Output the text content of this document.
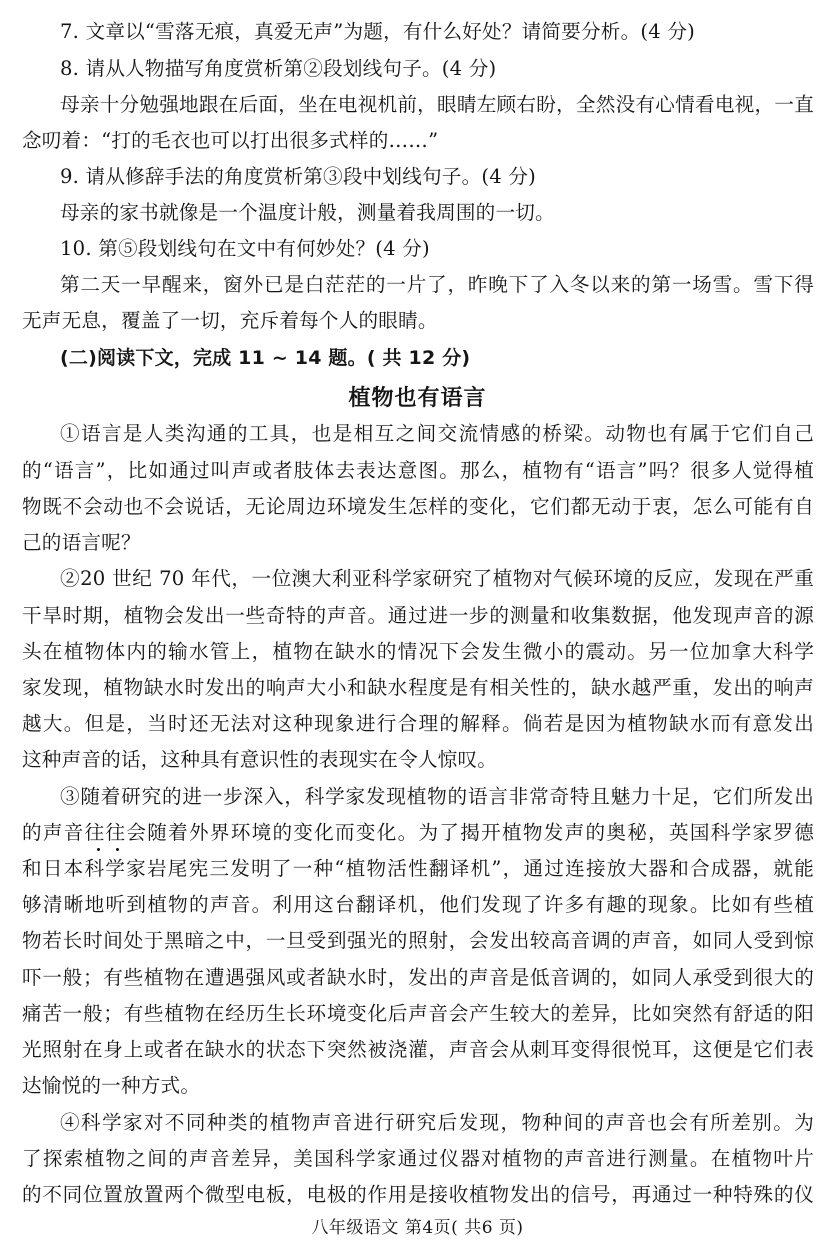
7. 文章以“雪落无痕，真爱无声”为题，有什么好处？请简要分析。(4 分)
8. 请从人物描写角度赏析第②段划线句子。(4 分)
母亲十分勉强地跟在后面，坐在电视机前，眼睛左顾右盼，全然没有心情看电视，一直
念叨着：“打的毛衣也可以打出很多式样的……”
9. 请从修辞手法的角度赏析第③段中划线句子。(4 分)
母亲的家书就像是一个温度计般，测量着我周围的一切。
10. 第⑤段划线句在文中有何妙处？(4 分)
第二天一早醒来，窗外已是白茫茫的一片了，昨晚下了入冬以来的第一场雪。雪下得
无声无息，覆盖了一切，充斥着每个人的眼睛。
(二)阅读下文，完成 11 ~ 14 题。( 共 12 分)
植物也有语言
①语言是人类沟通的工具，也是相互之间交流情感的桥梁。动物也有属于它们自己
的“语言”，比如通过叫声或者肢体去表达意图。那么，植物有“语言”吗？很多人觉得植
物既不会动也不会说话，无论周边环境发生怎样的变化，它们都无动于衷，怎么可能有自
己的语言呢？
②20 世纪 70 年代，一位澳大利亚科学家研究了植物对气候环境的反应，发现在严重
干旱时期，植物会发出一些奇特的声音。通过进一步的测量和收集数据，他发现声音的源
头在植物体内的输水管上，植物在缺水的情况下会发生微小的震动。另一位加拿大科学
家发现，植物缺水时发出的响声大小和缺水程度是有相关性的，缺水越严重，发出的响声
越大。但是，当时还无法对这种现象进行合理的解释。倘若是因为植物缺水而有意发出
这种声音的话，这种具有意识性的表现实在令人惊叹。
③随着研究的进一步深入，科学家发现植物的语言非常奇特且魅力十足，它们所发出
的声音往往会随着外界环境的变化而变化。为了揭开植物发声的奥秘，英国科学家罗德
和日本科学家岩尾宪三发明了一种“植物活性翻译机”，通过连接放大器和合成器，就能
够清晰地听到植物的声音。利用这台翻译机，他们发现了许多有趣的现象。比如有些植
物若长时间处于黑暗之中，一旦受到强光的照射，会发出较高音调的声音，如同人受到惊
吓一般；有些植物在遭遇强风或者缺水时，发出的声音是低音调的，如同人承受到很大的
痛苦一般；有些植物在经历生长环境变化后声音会产生较大的差异，比如突然有舒适的阳
光照射在身上或者在缺水的状态下突然被浇灌，声音会从刺耳变得很悦耳，这便是它们表
达愉悦的一种方式。
④科学家对不同种类的植物声音进行研究后发现，物种间的声音也会有所差别。为
了探索植物之间的声音差异，美国科学家通过仪器对植物的声音进行测量。在植物叶片
的不同位置放置两个微型电板，电极的作用是接收植物发出的信号，再通过一种特殊的仪
八年级语文 第4页( 共6 页)
